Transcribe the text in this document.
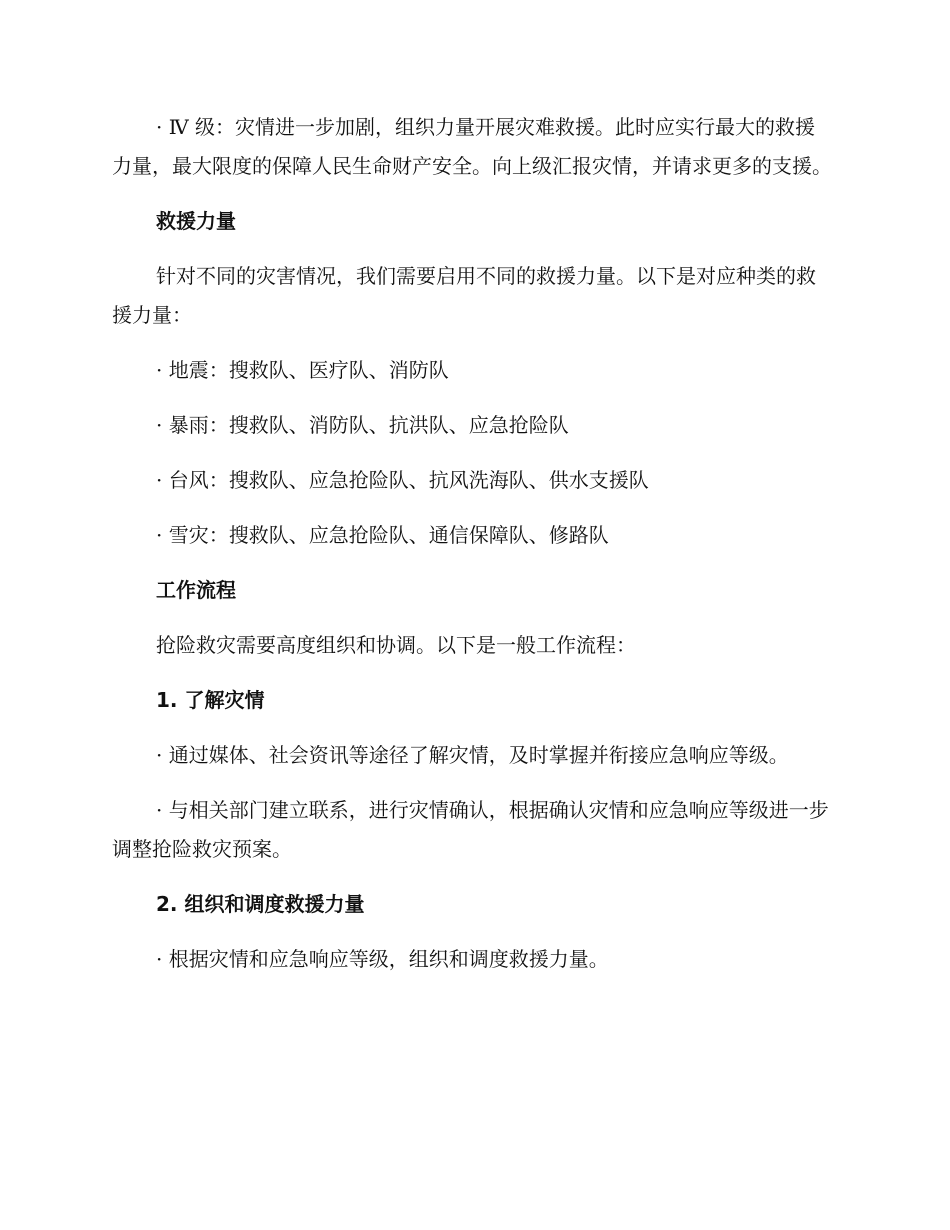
· Ⅳ 级：灾情进一步加剧，组织力量开展灾难救援。此时应实行最大的救援力量，最大限度的保障人民生命财产安全。向上级汇报灾情，并请求更多的支援。

救援力量

针对不同的灾害情况，我们需要启用不同的救援力量。以下是对应种类的救援力量：

· 地震：搜救队、医疗队、消防队

· 暴雨：搜救队、消防队、抗洪队、应急抢险队

· 台风：搜救队、应急抢险队、抗风洗海队、供水支援队

· 雪灾：搜救队、应急抢险队、通信保障队、修路队

工作流程

抢险救灾需要高度组织和协调。以下是一般工作流程：

1. 了解灾情

· 通过媒体、社会资讯等途径了解灾情，及时掌握并衔接应急响应等级。

· 与相关部门建立联系，进行灾情确认，根据确认灾情和应急响应等级进一步调整抢险救灾预案。

2. 组织和调度救援力量

· 根据灾情和应急响应等级，组织和调度救援力量。
